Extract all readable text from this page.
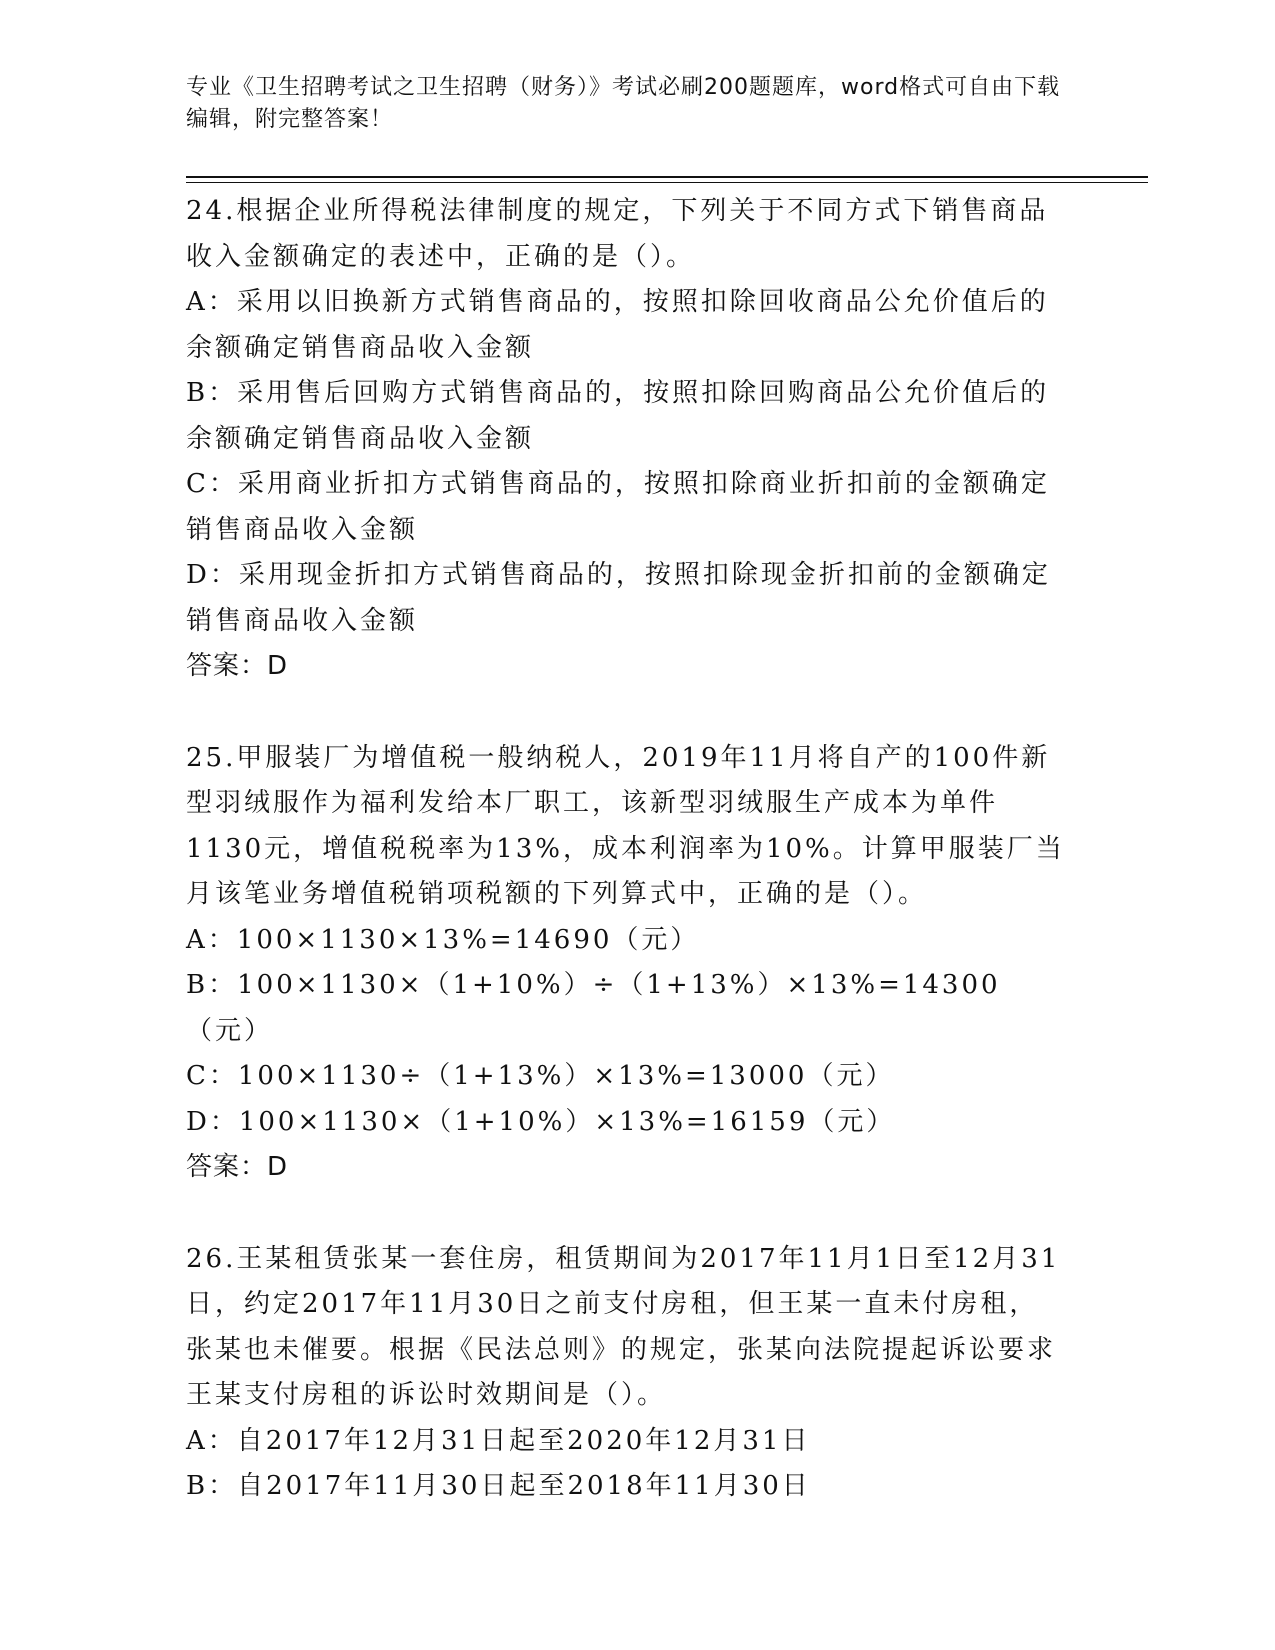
专业《卫生招聘考试之卫生招聘（财务）》考试必刷200题题库，word格式可自由下载编辑，附完整答案！

24.根据企业所得税法律制度的规定，下列关于不同方式下销售商品收入金额确定的表述中，正确的是（）。

A：采用以旧换新方式销售商品的，按照扣除回收商品公允价值后的余额确定销售商品收入金额

B：采用售后回购方式销售商品的，按照扣除回购商品公允价值后的余额确定销售商品收入金额

C：采用商业折扣方式销售商品的，按照扣除商业折扣前的金额确定销售商品收入金额

D：采用现金折扣方式销售商品的，按照扣除现金折扣前的金额确定销售商品收入金额

答案：D

25.甲服装厂为增值税一般纳税人，2019年11月将自产的100件新型羽绒服作为福利发给本厂职工，该新型羽绒服生产成本为单件1130元，增值税税率为13%，成本利润率为10%。计算甲服装厂当月该笔业务增值税销项税额的下列算式中，正确的是（）。

A：100×1130×13%=14690（元）

B：100×1130×（1+10%）÷（1+13%）×13%=14300（元）

C：100×1130÷（1+13%）×13%=13000（元）

D：100×1130×（1+10%）×13%=16159（元）

答案：D

26.王某租赁张某一套住房，租赁期间为2017年11月1日至12月31日，约定2017年11月30日之前支付房租，但王某一直未付房租，张某也未催要。根据《民法总则》的规定，张某向法院提起诉讼要求王某支付房租的诉讼时效期间是（）。

A：自2017年12月31日起至2020年12月31日

B：自2017年11月30日起至2018年11月30日
